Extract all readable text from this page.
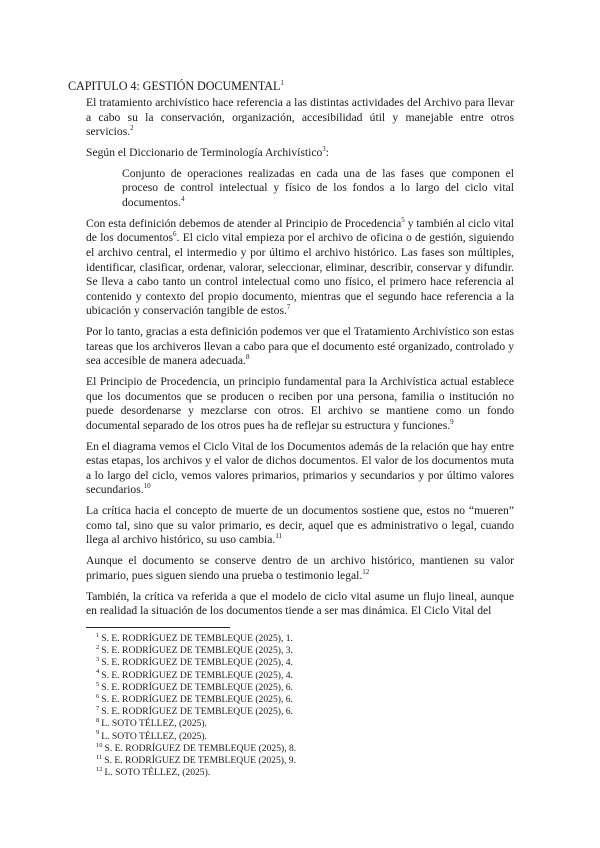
CAPITULO 4: GESTIÓN DOCUMENTAL$^1$

El tratamiento archivístico hace referencia a las distintas actividades del Archivo para llevar a cabo su la conservación, organización, accesibilidad útil y manejable entre otros servicios.$^2$

Según el Diccionario de Terminología Archivístico$^3$:

Conjunto de operaciones realizadas en cada una de las fases que componen el proceso de control intelectual y físico de los fondos a lo largo del ciclo vital documentos.$^4$

Con esta definición debemos de atender al Principio de Procedencia$^5$ y también al ciclo vital de los documentos$^6$. El ciclo vital empieza por el archivo de oficina o de gestión, siguiendo el archivo central, el intermedio y por último el archivo histórico. Las fases son múltiples, identificar, clasificar, ordenar, valorar, seleccionar, eliminar, describir, conservar y difundir. Se lleva a cabo tanto un control intelectual como uno físico, el primero hace referencia al contenido y contexto del propio documento, mientras que el segundo hace referencia a la ubicación y conservación tangible de estos.$^7$

Por lo tanto, gracias a esta definición podemos ver que el Tratamiento Archivístico son estas tareas que los archiveros llevan a cabo para que el documento esté organizado, controlado y sea accesible de manera adecuada.$^8$

El Principio de Procedencia, un principio fundamental para la Archivística actual establece que los documentos que se producen o reciben por una persona, familia o institución no puede desordenarse y mezclarse con otros. El archivo se mantiene como un fondo documental separado de los otros pues ha de reflejar su estructura y funciones.$^9$

En el diagrama vemos el Ciclo Vital de los Documentos además de la relación que hay entre estas etapas, los archivos y el valor de dichos documentos. El valor de los documentos muta a lo largo del ciclo, vemos valores primarios, primarios y secundarios y por último valores secundarios.$^{10}$

La crítica hacia el concepto de muerte de un documentos sostiene que, estos no “mueren” como tal, sino que su valor primario, es decir, aquel que es administrativo o legal, cuando llega al archivo histórico, su uso cambia.$^{11}$

Aunque el documento se conserve dentro de un archivo histórico, mantienen su valor primario, pues siguen siendo una prueba o testimonio legal.$^{12}$

También, la crítica va referida a que el modelo de ciclo vital asume un flujo lineal, aunque en realidad la situación de los documentos tiende a ser mas dinámica. El Ciclo Vital del

$^1$ S. E. RODRÍGUEZ DE TEMBLEQUE (2025), 1.
$^2$ S. E. RODRÍGUEZ DE TEMBLEQUE (2025), 3.
$^3$ S. E. RODRÍGUEZ DE TEMBLEQUE (2025), 4.
$^4$ S. E. RODRÍGUEZ DE TEMBLEQUE (2025), 4.
$^5$ S. E. RODRÍGUEZ DE TEMBLEQUE (2025), 6.
$^6$ S. E. RODRÍGUEZ DE TEMBLEQUE (2025), 6.
$^7$ S. E. RODRÍGUEZ DE TEMBLEQUE (2025), 6.
$^8$ L. SOTO TÉLLEZ, (2025).
$^9$ L. SOTO TÉLLEZ, (2025).
$^{10}$ S. E. RODRÍGUEZ DE TEMBLEQUE (2025), 8.
$^{11}$ S. E. RODRÍGUEZ DE TEMBLEQUE (2025), 9.
$^{12}$ L. SOTO TÉLLEZ, (2025).
